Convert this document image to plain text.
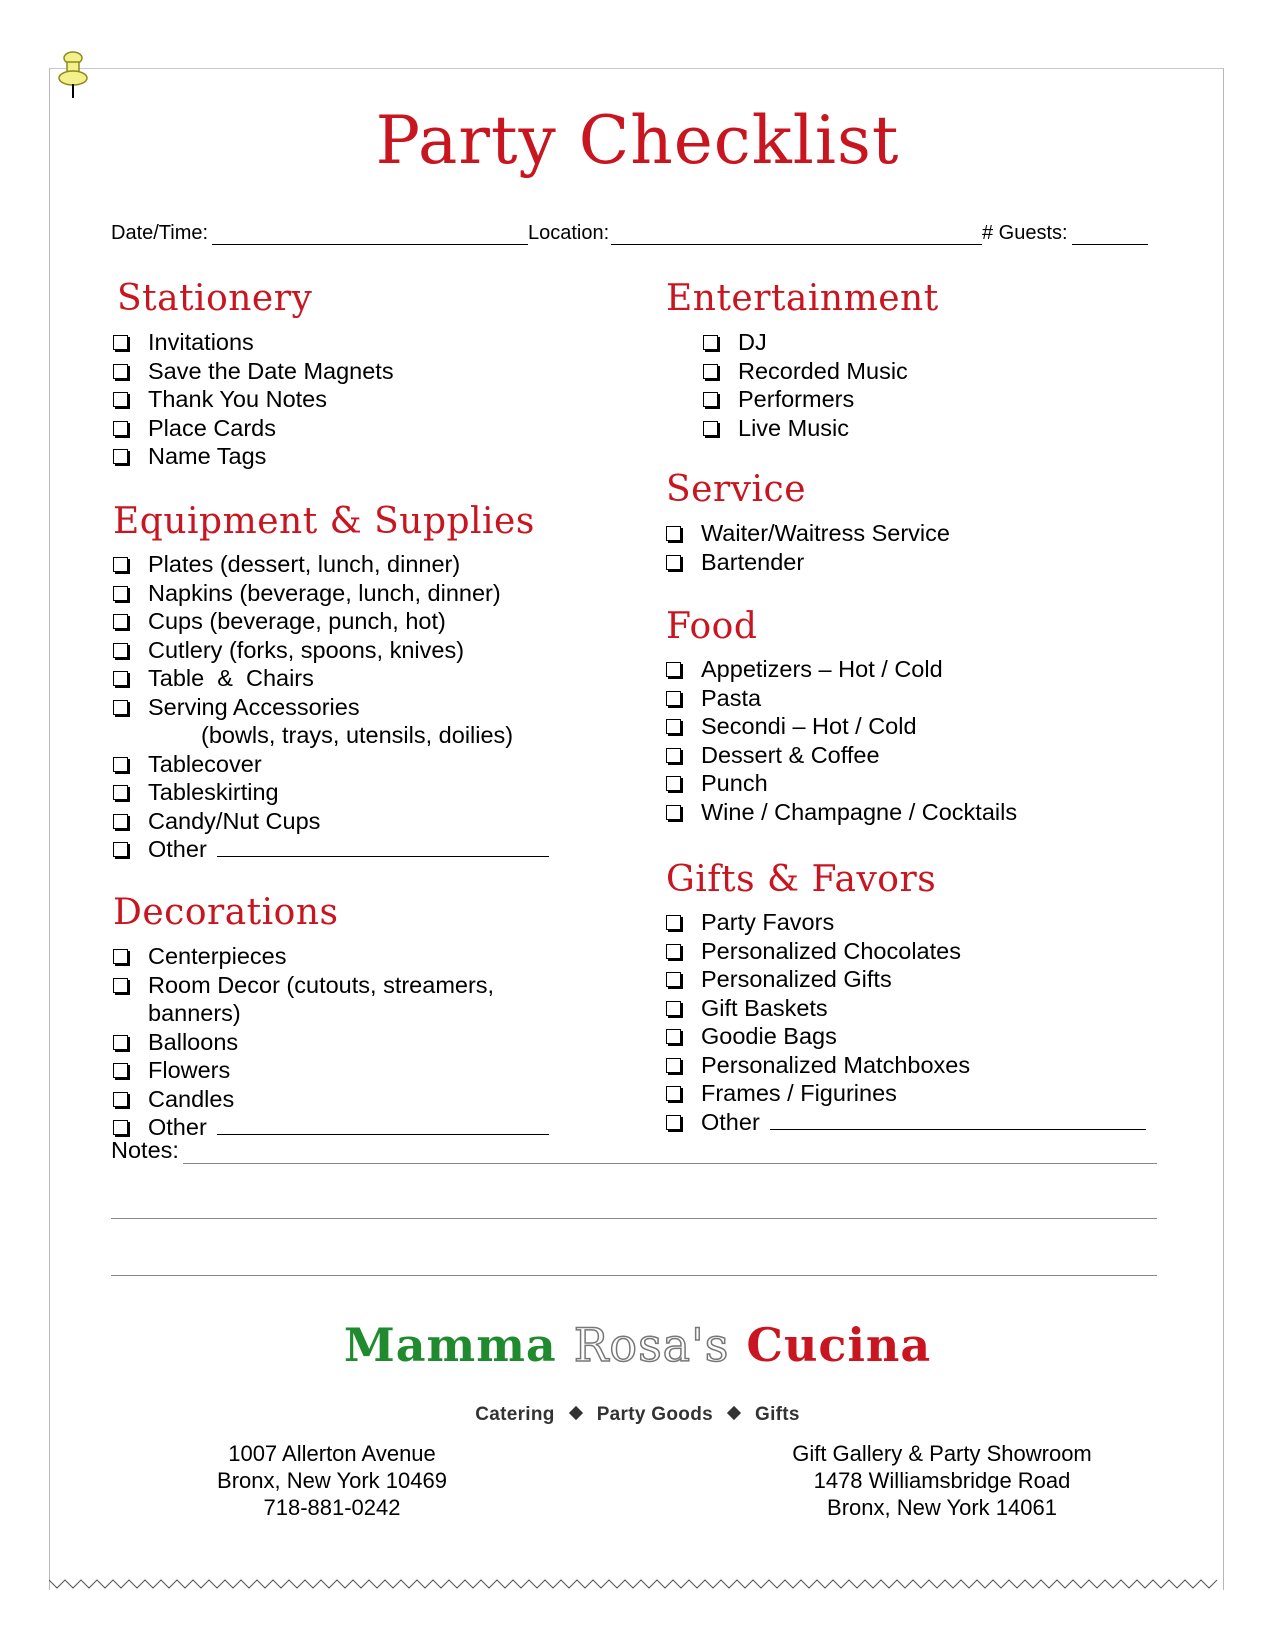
Party Checklist
Date/Time:	Location:	# Guests:
Stationery
Invitations
Save the Date Magnets
Thank You Notes
Place Cards
Name Tags
Equipment & Supplies
Plates (dessert, lunch, dinner)
Napkins (beverage, lunch, dinner)
Cups (beverage, punch, hot)
Cutlery (forks, spoons, knives)
Table  &  Chairs
Serving Accessories
(bowls, trays, utensils, doilies)
Tablecover
Tableskirting
Candy/Nut Cups
Other
Decorations
Centerpieces
Room Decor (cutouts, streamers,
banners)
Balloons
Flowers
Candles
Other
Entertainment
DJ
Recorded Music
Performers
Live Music
Service
Waiter/Waitress Service
Bartender
Food
Appetizers – Hot / Cold
Pasta
Secondi – Hot / Cold
Dessert & Coffee
Punch
Wine / Champagne / Cocktails
Gifts & Favors
Party Favors
Personalized Chocolates
Personalized Gifts
Gift Baskets
Goodie Bags
Personalized Matchboxes
Frames / Figurines
Other
Notes:
Mamma Rosa's Cucina
Catering Party Goods Gifts
1007 Allerton Avenue
Bronx, New York 10469
718-881-0242
Gift Gallery & Party Showroom
1478 Williamsbridge Road
Bronx, New York 14061
